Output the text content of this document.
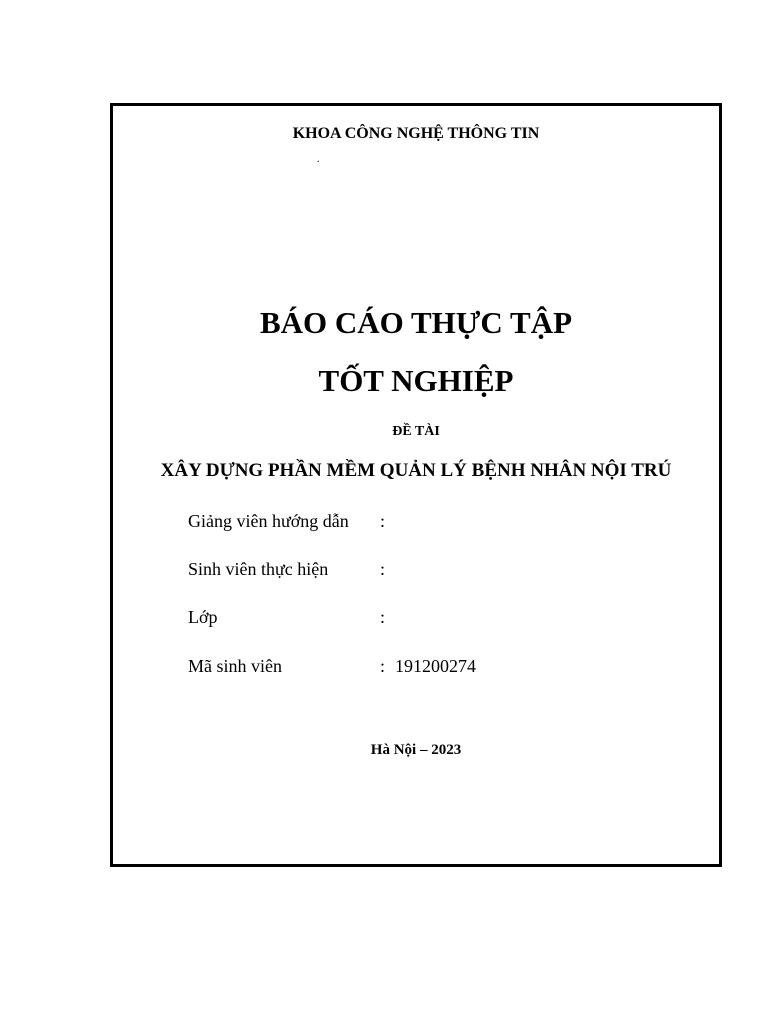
KHOA CÔNG NGHỆ THÔNG TIN
.
BÁO CÁO THỰC TẬP
TỐT NGHIỆP
ĐỀ TÀI
XÂY DỰNG PHẦN MỀM QUẢN LÝ BỆNH NHÂN NỘI TRÚ
Giảng viên hướng dẫn :
Sinh viên thực hiện	:
Lớp	:
Mã sinh viên	: 191200274
Hà Nội – 2023
